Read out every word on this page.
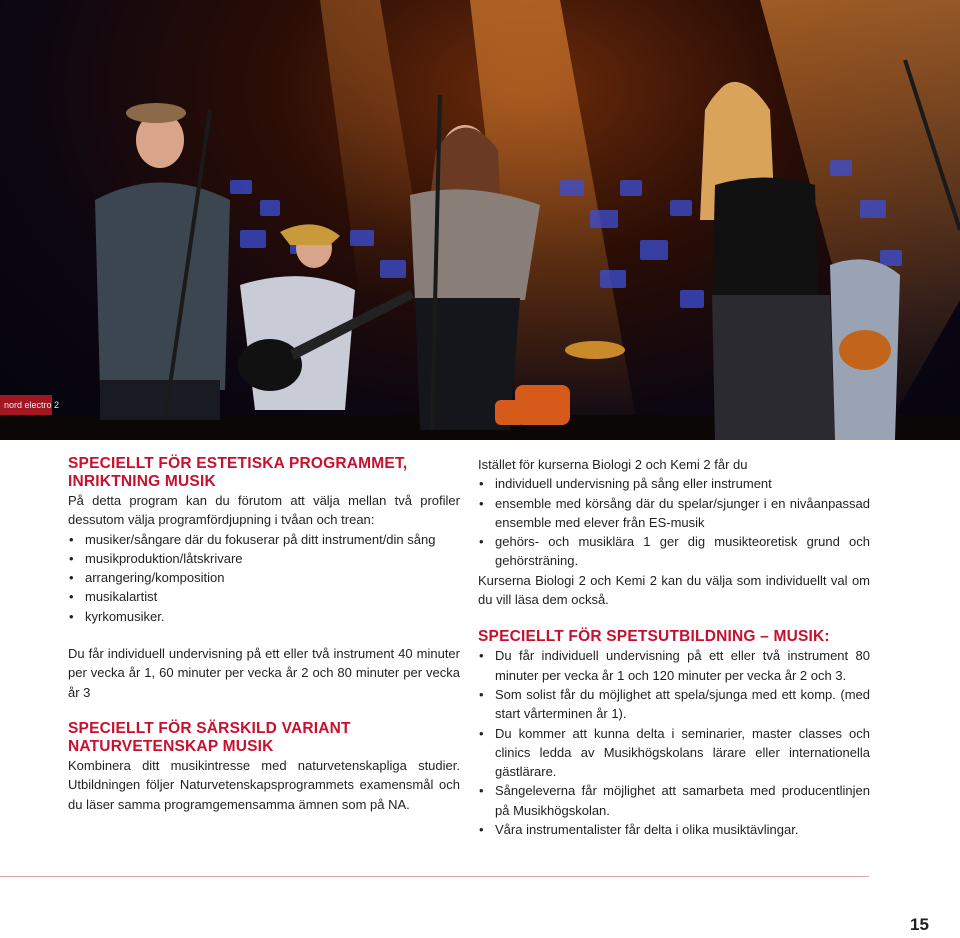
nord electro 2
SPECIELLT FÖR ESTETISKA PROGRAMMET, INRIKTNING MUSIK

På detta program kan du förutom att välja mellan två profiler dessutom välja programfördjupning i tvåan och trean:

• musiker/sångare där du fokuserar på ditt instrument/din sång
• musikproduktion/låtskrivare
• arrangering/komposition
• musikalartist
• kyrkomusiker.

Du får individuell undervisning på ett eller två instrument 40 minuter per vecka år 1, 60 minuter per vecka år 2 och 80 minuter per vecka år 3

SPECIELLT FÖR SÄRSKILD VARIANT NATURVETENSKAP MUSIK

Kombinera ditt musikintresse med naturvetenskapliga studier. Utbildningen följer Naturvetenskapsprogrammets examensmål och du läser samma programgemensamma ämnen som på NA.

Istället för kurserna Biologi 2 och Kemi 2 får du

• individuell undervisning på sång eller instrument
• ensemble med körsång där du spelar/sjunger i en nivåanpassad ensemble med elever från ES-musik
• gehörs- och musiklära 1 ger dig musikteoretisk grund och gehörsträning.

Kurserna Biologi 2 och Kemi 2 kan du välja som individuellt val om du vill läsa dem också.

SPECIELLT FÖR SPETSUTBILDNING – MUSIK:
• Du får individuell undervisning på ett eller två instrument 80 minuter per vecka år 1 och 120 minuter per vecka år 2 och 3.
• Som solist får du möjlighet att spela/sjunga med ett komp. (med start vårterminen år 1).
• Du kommer att kunna delta i seminarier, master classes och clinics ledda av Musikhögskolans lärare eller internationella gästlärare.
• Sångeleverna får möjlighet att samarbeta med producentlinjen på Musikhögskolan.
• Våra instrumentalister får delta i olika musiktävlingar.
15
